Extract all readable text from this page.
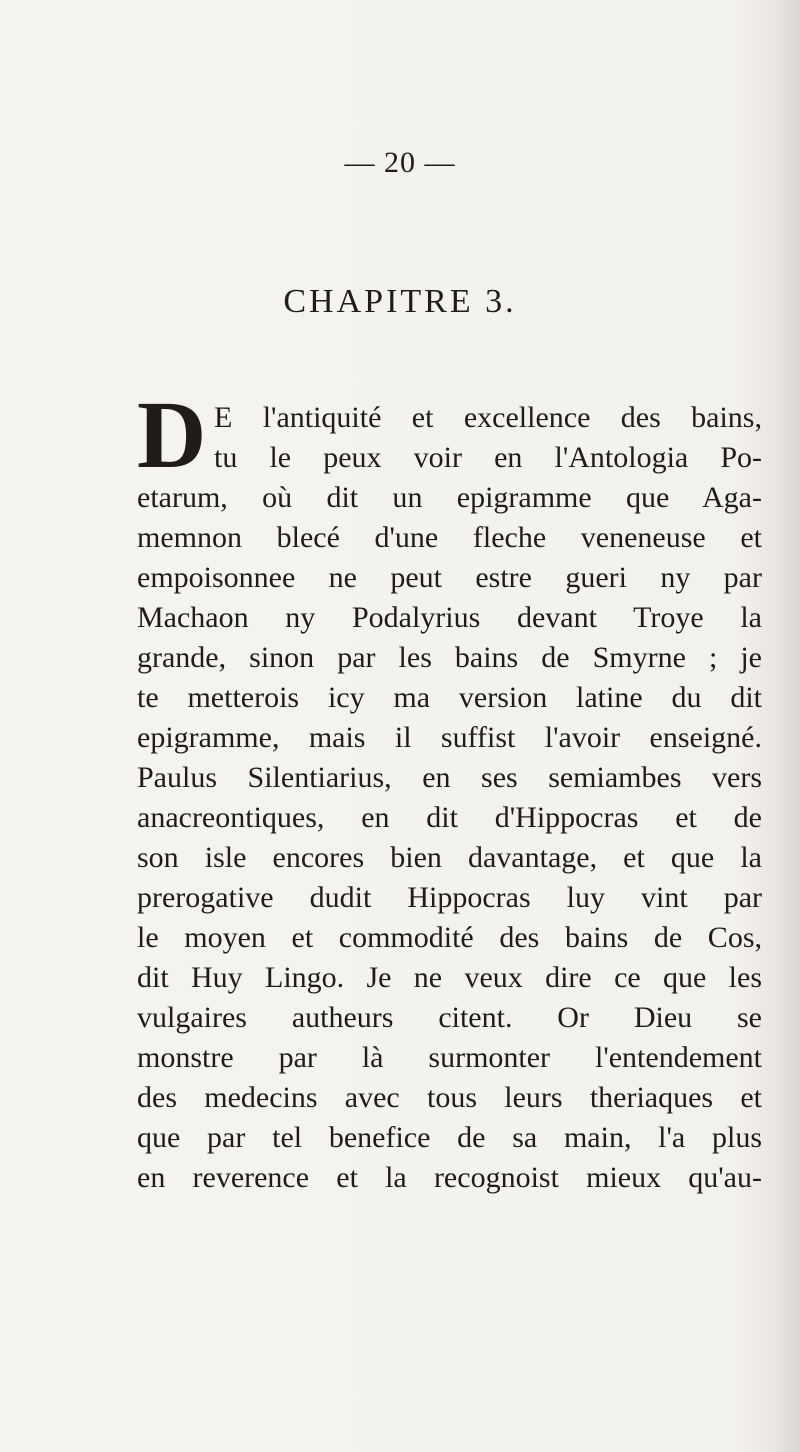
— 20 —
CHAPITRE 3.
D E l'antiquité et excellence des bains,
tu le peux voir en l'Antologia Po-
etarum, où dit un epigramme que Aga-
memnon blecé d'une fleche veneneuse et
empoisonnee ne peut estre gueri ny par
Machaon ny Podalyrius devant Troye la
grande, sinon par les bains de Smyrne ; je
te metterois icy ma version latine du dit
epigramme, mais il suffist l'avoir enseigné.
Paulus Silentiarius, en ses semiambes vers
anacreontiques, en dit d'Hippocras et de
son isle encores bien davantage, et que la
prerogative dudit Hippocras luy vint par
le moyen et commodité des bains de Cos,
dit Huy Lingo. Je ne veux dire ce que les
vulgaires autheurs citent. Or Dieu se
monstre par là surmonter l'entendement
des medecins avec tous leurs theriaques et
que par tel benefice de sa main, l'a plus
en reverence et la recognoist mieux qu'au-
